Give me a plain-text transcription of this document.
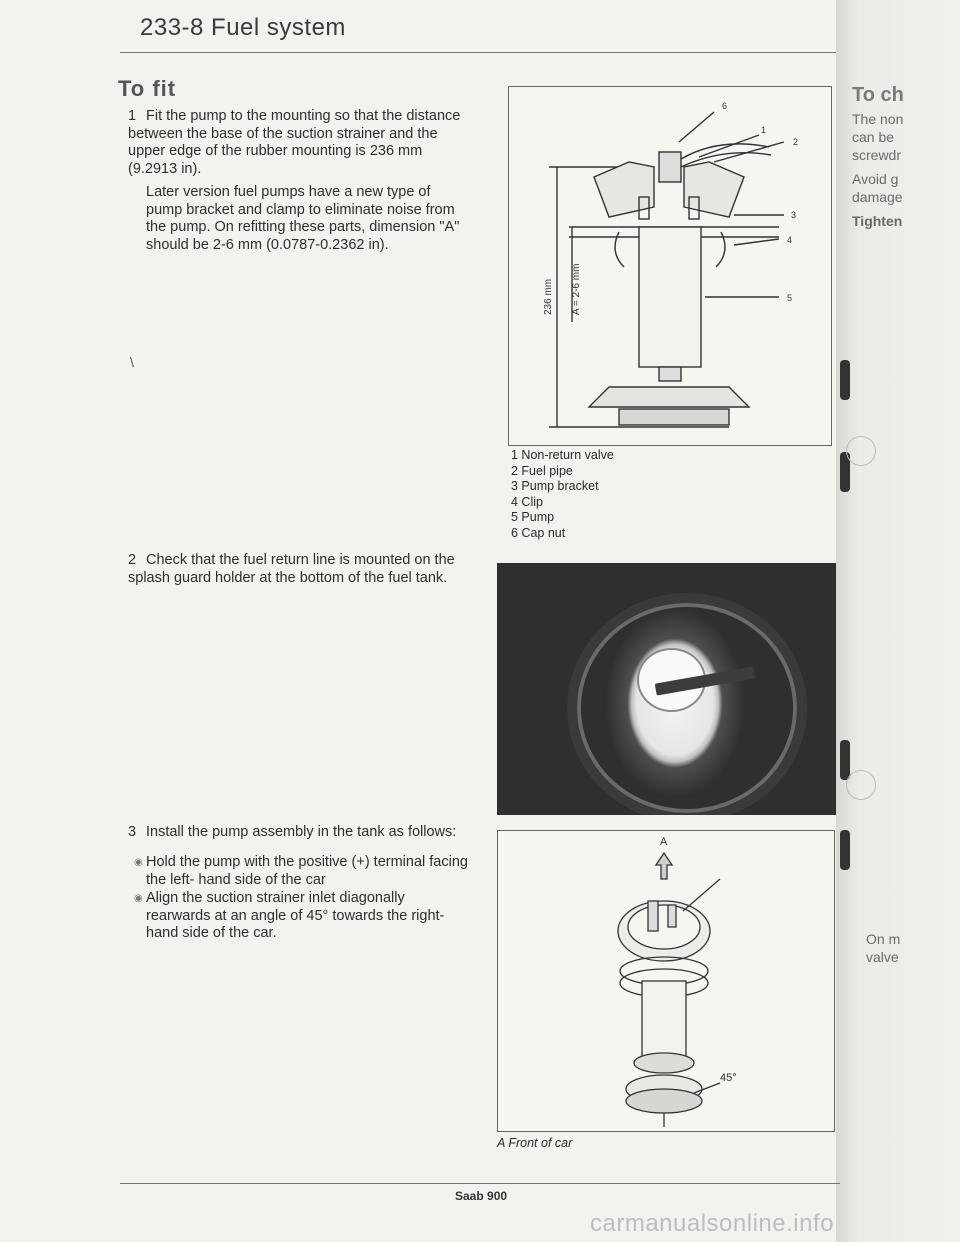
233-8 Fuel system
To fit
1 Fit the pump to the mounting so that the distance between the base of the suction strainer and the upper edge of the rubber mounting is 236 mm (9.2913 in).
Later version fuel pumps have a new type of pump bracket and clamp to eliminate noise from the pump. On refitting these parts, dimension "A" should be 2-6 mm (0.0787-0.2362 in).
\
2 Check that the fuel return line is mounted on the splash guard holder at the bottom of the fuel tank.
3 Install the pump assembly in the tank as follows:
◉ Hold the pump with the positive (+) terminal facing the left- hand side of the car
◉ Align the suction strainer inlet diagonally rearwards at an angle of 45° towards the right-hand side of the car.
236 mm A = 2-6 mm
6
1
2
3
4
5
1 Non-return valve
2 Fuel pipe
3 Pump bracket
4 Clip
5 Pump
6 Cap nut
A
45°
A Front of car
To ch
The non
can be
screwdr
Avoid g
damage
Tighten
On m
valve
Saab 900
carmanualsonline.info
